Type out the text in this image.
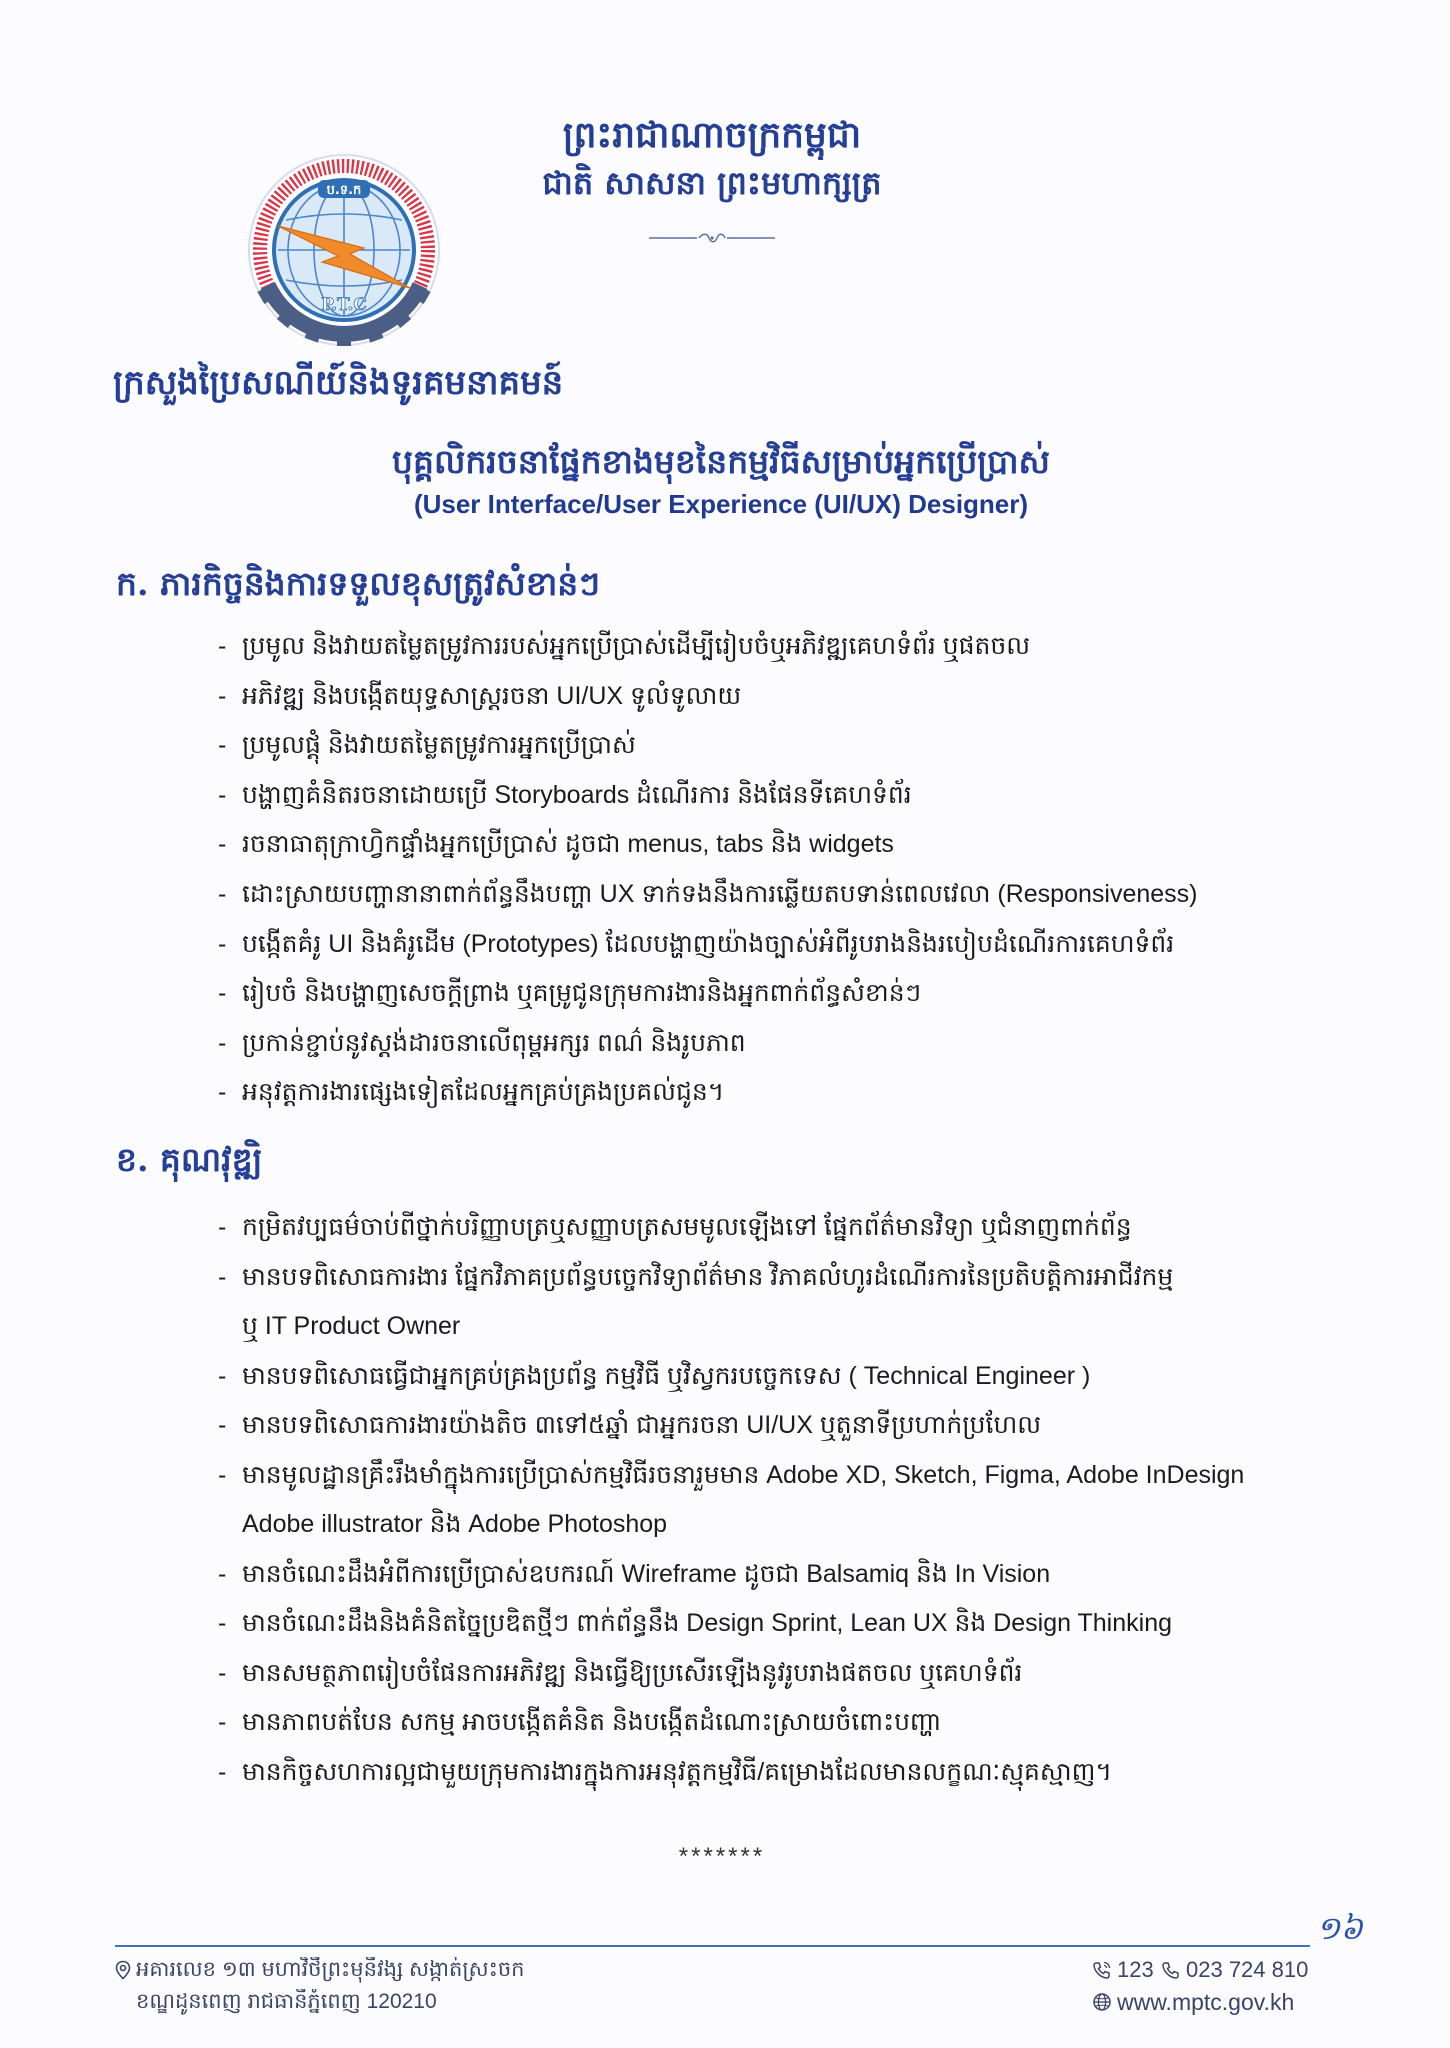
ព្រះរាជាណាចក្រកម្ពុជា
ជាតិ សាសនា ព្រះមហាក្សត្រ
ប.ទ.ក
P.T.C
ក្រសួងប្រៃសណីយ៍និងទូរគមនាគមន៍
បុគ្គលិករចនាផ្នែកខាងមុខនៃកម្មវិធីសម្រាប់អ្នកប្រើប្រាស់
(User Interface/User Experience (UI/UX) Designer)
ក. ភារកិច្ចនិងការទទួលខុសត្រូវសំខាន់ៗ
- ប្រមូល និងវាយតម្លៃតម្រូវការរបស់អ្នកប្រើប្រាស់ដើម្បីរៀបចំឬអភិវឌ្ឍគេហទំព័រ ឬផតចល
- អភិវឌ្ឍ និងបង្កើតយុទ្ធសាស្ត្ររចនា UI/UX ទូលំទូលាយ
- ប្រមូលផ្តុំ និងវាយតម្លៃតម្រូវការអ្នកប្រើប្រាស់
- បង្ហាញគំនិតរចនាដោយប្រើ Storyboards ដំណើរការ និងផែនទីគេហទំព័រ
- រចនាធាតុក្រាហ្វិកផ្ទាំងអ្នកប្រើប្រាស់ ដូចជា menus, tabs និង widgets
- ដោះស្រាយបញ្ហានានាពាក់ព័ន្ធនឹងបញ្ហា UX ទាក់ទងនឹងការឆ្លើយតបទាន់ពេលវេលា (Responsiveness)
- បង្កើតគំរូ UI និងគំរូដើម (Prototypes) ដែលបង្ហាញយ៉ាងច្បាស់អំពីរូបរាងនិងរបៀបដំណើរការគេហទំព័រ
- រៀបចំ និងបង្ហាញសេចក្តីព្រាង ឬគម្រូជូនក្រុមការងារនិងអ្នកពាក់ព័ន្ធសំខាន់ៗ
- ប្រកាន់ខ្ជាប់នូវស្តង់ដារចនាលើពុម្ពអក្សរ ពណ៌ និងរូបភាព
- អនុវត្តការងារផ្សេងទៀតដែលអ្នកគ្រប់គ្រងប្រគល់ជូន។
ខ. គុណវុឌ្ឍិ
- កម្រិតវប្បធម៌ចាប់ពីថ្នាក់បរិញ្ញាបត្រឬសញ្ញាបត្រសមមូលឡើងទៅ ផ្នែកព័ត៌មានវិទ្យា ឬជំនាញពាក់ព័ន្ធ
- មានបទពិសោធការងារ ផ្នែកវិភាគប្រព័ន្ធបច្ចេកវិទ្យាព័ត៌មាន វិភាគលំហូរដំណើរការនៃប្រតិបត្តិការអាជីវកម្ម
ឬ IT Product Owner
- មានបទពិសោធធ្វើជាអ្នកគ្រប់គ្រងប្រព័ន្ធ កម្មវិធី ឬវិស្វករបច្ចេកទេស ( Technical Engineer )
- មានបទពិសោធការងារយ៉ាងតិច ៣ទៅ៥ឆ្នាំ ជាអ្នករចនា UI/UX ឬតួនាទីប្រហាក់ប្រហែល
- មានមូលដ្ឋានគ្រឹះរឹងមាំក្នុងការប្រើប្រាស់កម្មវិធីរចនារួមមាន Adobe XD, Sketch, Figma, Adobe InDesign
Adobe illustrator និង Adobe Photoshop
- មានចំណេះដឹងអំពីការប្រើប្រាស់ឧបករណ៍ Wireframe ដូចជា Balsamiq និង In Vision
- មានចំណេះដឹងនិងគំនិតច្នៃប្រឌិតថ្មីៗ ពាក់ព័ន្ធនឹង Design Sprint, Lean UX និង Design Thinking
- មានសមត្ថភាពរៀបចំផែនការអភិវឌ្ឍ និងធ្វើឱ្យប្រសើរឡើងនូវរូបរាងផតចល ឬគេហទំព័រ
- មានភាពបត់បែន សកម្ម អាចបង្កើតគំនិត និងបង្កើតដំណោះស្រាយចំពោះបញ្ហា
- មានកិច្ចសហការល្អជាមួយក្រុមការងារក្នុងការអនុវត្តកម្មវិធី/គម្រោងដែលមានលក្ខណៈស្មុគស្មាញ។
*******
១៦
អគារលេខ ១៣ មហាវិថីព្រះមុនីវង្ស សង្កាត់ស្រះចក
ខណ្ឌដូនពេញ រាជធានីភ្នំពេញ 120210
123	023 724 810
www.mptc.gov.kh
